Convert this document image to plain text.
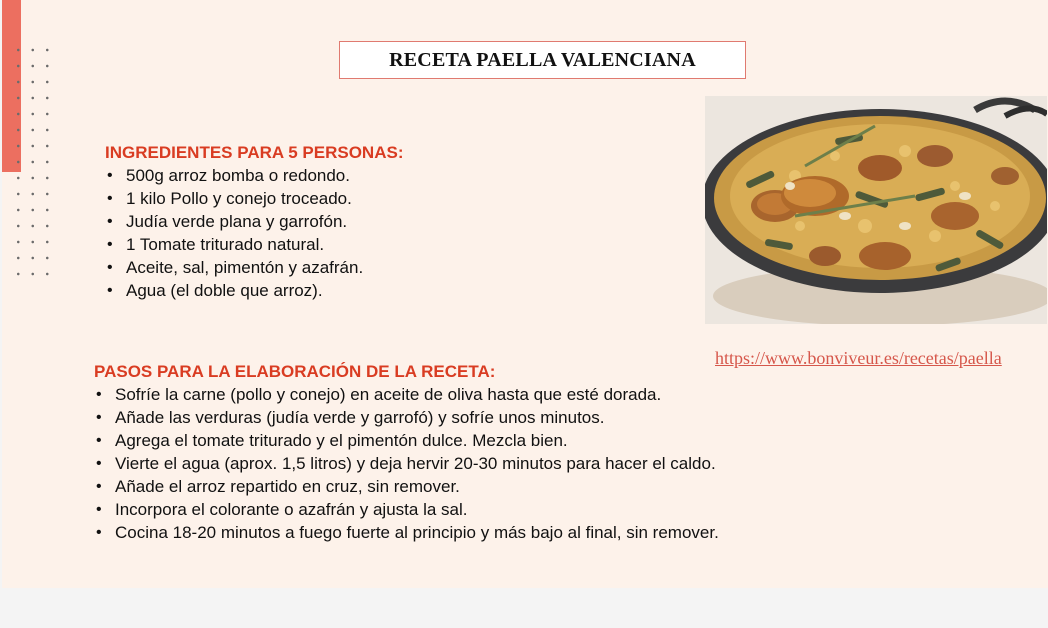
RECETA PAELLA VALENCIANA
INGREDIENTES PARA 5 PERSONAS:
• 500g arroz bomba o redondo.
• 1 kilo Pollo y conejo troceado.
• Judía verde plana y garrofón.
• 1 Tomate triturado natural.
• Aceite, sal, pimentón y azafrán.
• Agua (el doble que arroz).
https://www.bonviveur.es/recetas/paella
PASOS PARA LA ELABORACIÓN DE LA RECETA:
• Sofríe la carne (pollo y conejo) en aceite de oliva hasta que esté dorada.
• Añade las verduras (judía verde y garrofó) y sofríe unos minutos.
• Agrega el tomate triturado y el pimentón dulce. Mezcla bien.
• Vierte el agua (aprox. 1,5 litros) y deja hervir 20-30 minutos para hacer el caldo.
• Añade el arroz repartido en cruz, sin remover.
• Incorpora el colorante o azafrán y ajusta la sal.
• Cocina 18-20 minutos a fuego fuerte al principio y más bajo al final, sin remover.
